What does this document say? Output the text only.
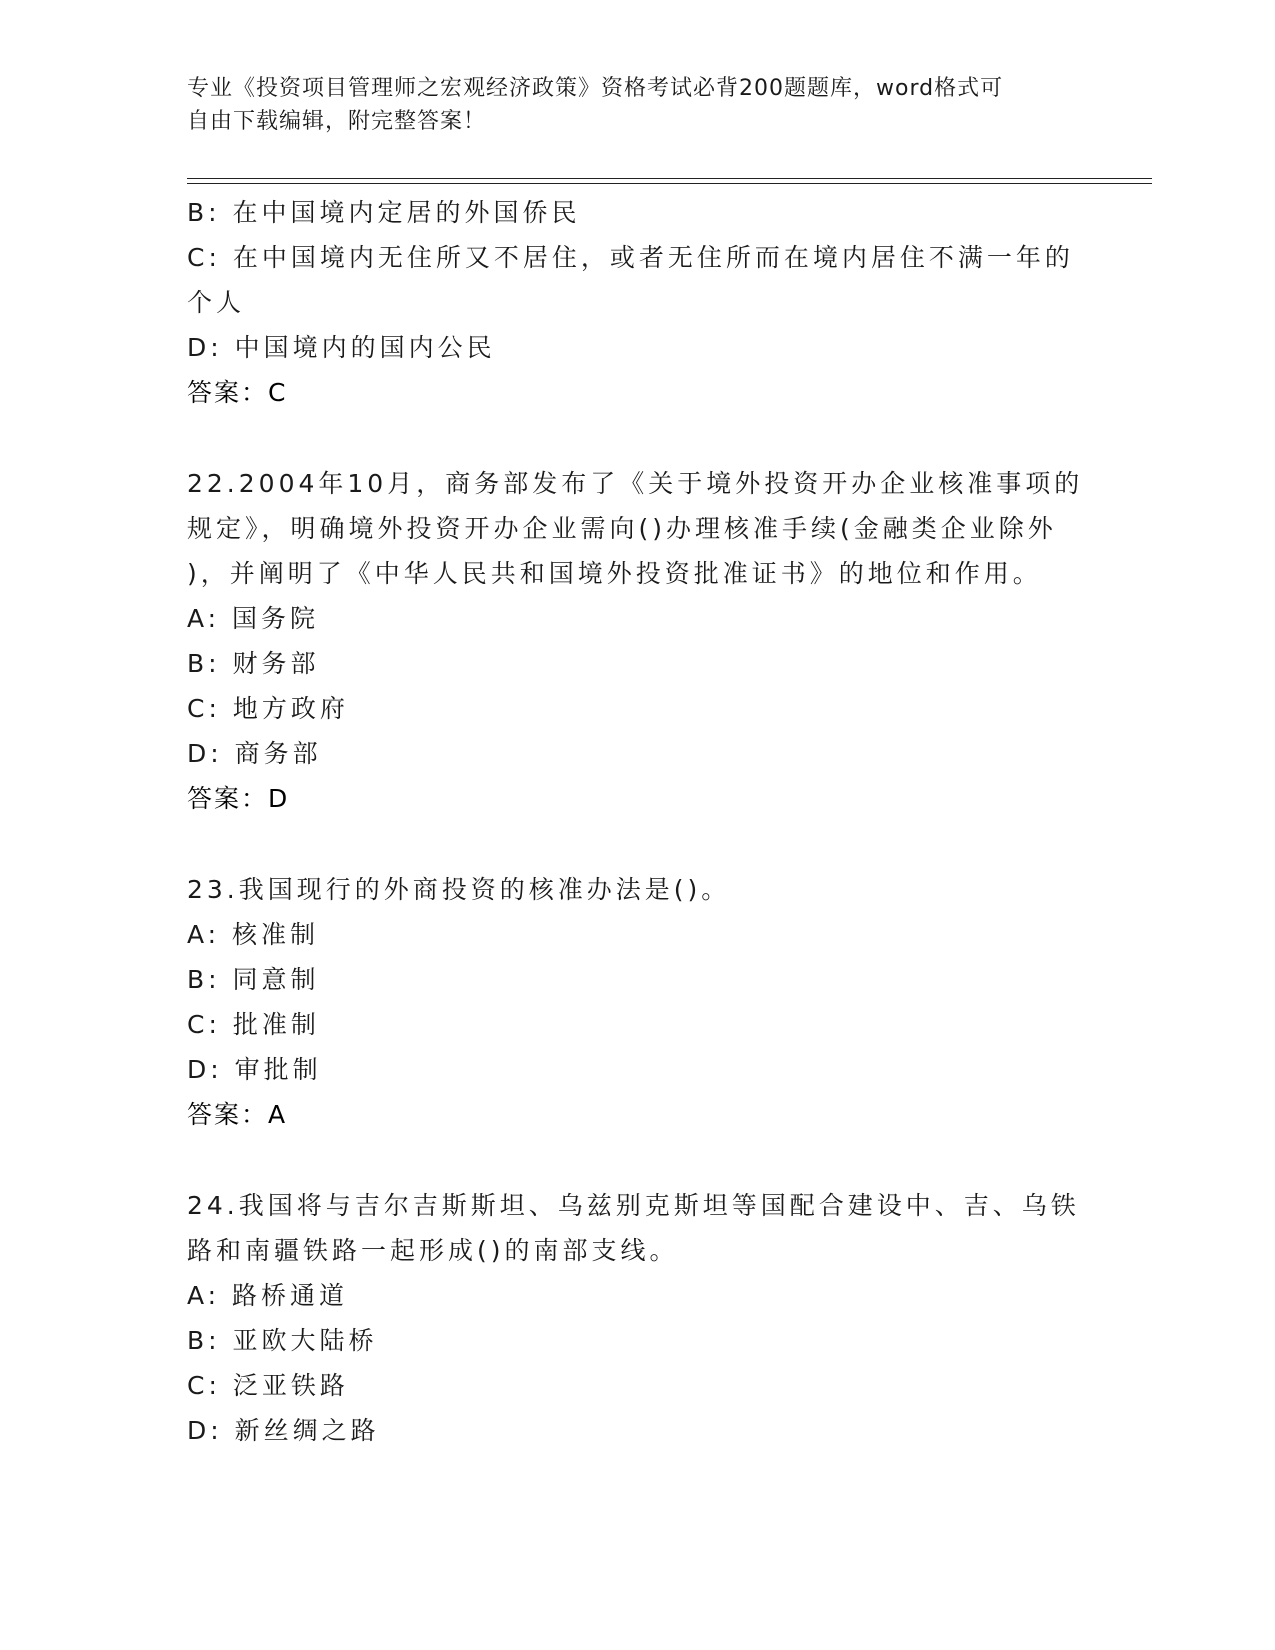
专业《投资项目管理师之宏观经济政策》资格考试必背200题题库，word格式可
自由下载编辑，附完整答案！
B: 在中国境内定居的外国侨民
C: 在中国境内无住所又不居住，或者无住所而在境内居住不满一年的
个人
D: 中国境内的国内公民
答案：C
22.2004年10月，商务部发布了《关于境外投资开办企业核准事项的
规定》，明确境外投资开办企业需向()办理核准手续(金融类企业除外
)，并阐明了《中华人民共和国境外投资批准证书》的地位和作用。
A: 国务院
B: 财务部
C: 地方政府
D: 商务部
答案：D
23.我国现行的外商投资的核准办法是()。
A: 核准制
B: 同意制
C: 批准制
D: 审批制
答案：A
24.我国将与吉尔吉斯斯坦、乌兹别克斯坦等国配合建设中、吉、乌铁
路和南疆铁路一起形成()的南部支线。
A: 路桥通道
B: 亚欧大陆桥
C: 泛亚铁路
D: 新丝绸之路
